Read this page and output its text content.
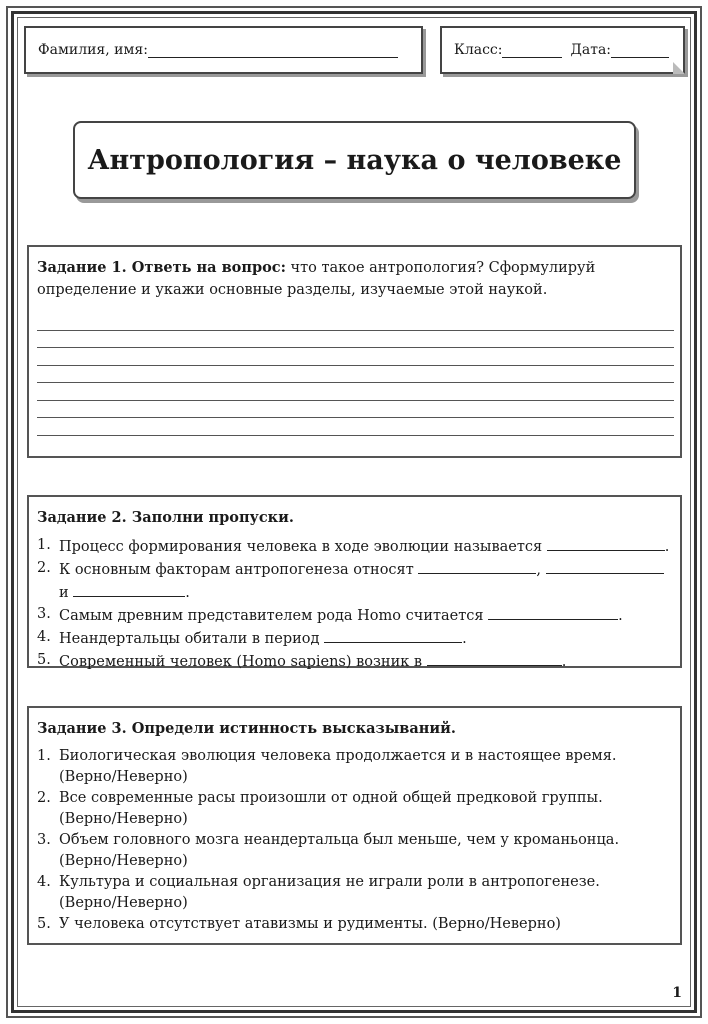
Фамилия, имя:	Класс:	Дата:
Антропология – наука о человеке
Задание 1. Ответь на вопрос: что такое антропология? Сформулируй определение и укажи основные разделы, изучаемые этой наукой.
Задание 2. Заполни пропуски.
1. Процесс формирования человека в ходе эволюции называется	.
2. К основным факторам антропогенеза относят	,
и	.
3. Самым древним представителем рода Homo считается	.
4. Неандертальцы обитали в период	.
5. Современный человек (Homo sapiens) возник в	.
Задание 3. Определи истинность высказываний.
1. Биологическая эволюция человека продолжается и в настоящее время.
(Верно/Неверно)
2. Все современные расы произошли от одной общей предковой группы.
(Верно/Неверно)
3. Объем головного мозга неандертальца был меньше, чем у кроманьонца.
(Верно/Неверно)
4. Культура и социальная организация не играли роли в антропогенезе.
(Верно/Неверно)
5. У человека отсутствует атавизмы и рудименты. (Верно/Неверно)
1
